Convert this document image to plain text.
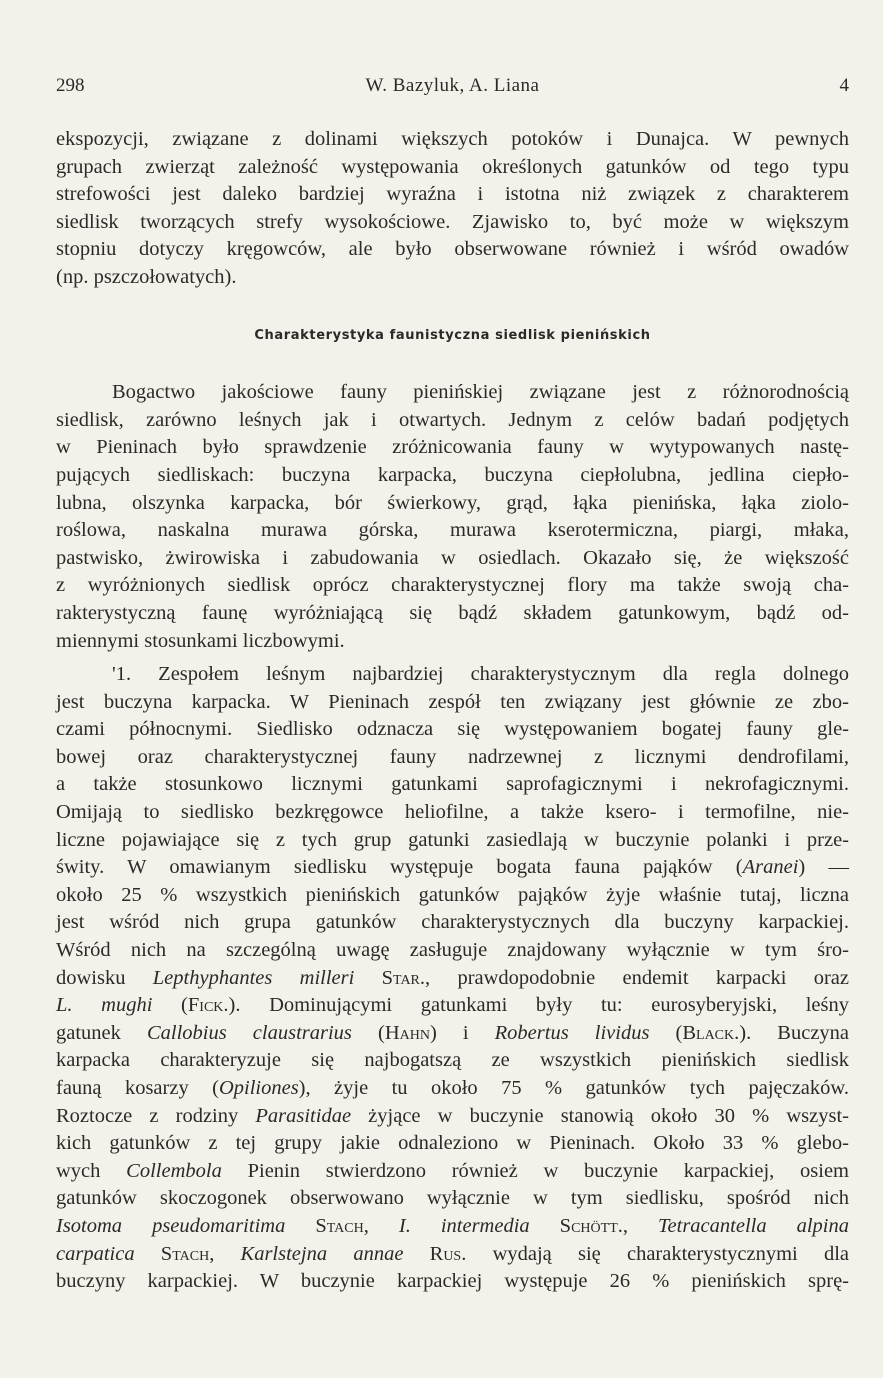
298	W. Bazyluk, A. Liana	4
ekspozycji, związane z dolinami większych potoków i Dunajca. W pewnych
grupach zwierząt zależność występowania określonych gatunków od tego typu
strefowości jest daleko bardziej wyraźna i istotna niż związek z charakterem
siedlisk tworzących strefy wysokościowe. Zjawisko to, być może w większym
stopniu dotyczy kręgowców, ale było obserwowane również i wśród owadów
(np. pszczołowatych).
Charakterystyka faunistyczna siedlisk pienińskich
Bogactwo jakościowe fauny pienińskiej związane jest z różnorodnością
siedlisk, zarówno leśnych jak i otwartych. Jednym z celów badań podjętych
w Pieninach było sprawdzenie zróżnicowania fauny w wytypowanych nastę-
pujących siedliskach: buczyna karpacka, buczyna ciepłolubna, jedlina ciepło-
lubna, olszynka karpacka, bór świerkowy, grąd, łąka pienińska, łąka ziolo-
roślowa, naskalna murawa górska, murawa kserotermiczna, piargi, młaka,
pastwisko, żwirowiska i zabudowania w osiedlach. Okazało się, że większość
z wyróżnionych siedlisk oprócz charakterystycznej flory ma także swoją cha-
rakterystyczną faunę wyróżniającą się bądź składem gatunkowym, bądź od-
miennymi stosunkami liczbowymi.
'1. Zespołem leśnym najbardziej charakterystycznym dla regla dolnego
jest buczyna karpacka. W Pieninach zespół ten związany jest głównie ze zbo-
czami północnymi. Siedlisko odznacza się występowaniem bogatej fauny gle-
bowej oraz charakterystycznej fauny nadrzewnej z licznymi dendrofilami,
a także stosunkowo licznymi gatunkami saprofagicznymi i nekrofagicznymi.
Omijają to siedlisko bezkręgowce heliofilne, a także ksero- i termofilne, nie-
liczne pojawiające się z tych grup gatunki zasiedlają w buczynie polanki i prze-
świty. W omawianym siedlisku występuje bogata fauna pająków (Aranei) —
około 25 % wszystkich pienińskich gatunków pająków żyje właśnie tutaj, liczna
jest wśród nich grupa gatunków charakterystycznych dla buczyny karpackiej.
Wśród nich na szczególną uwagę zasługuje znajdowany wyłącznie w tym śro-
dowisku Lepthyphantes milleri Star., prawdopodobnie endemit karpacki oraz
L. mughi (Fick.). Dominującymi gatunkami były tu: eurosyberyjski, leśny
gatunek Callobius claustrarius (Hahn) i Robertus lividus (Black.). Buczyna
karpacka charakteryzuje się najbogatszą ze wszystkich pienińskich siedlisk
fauną kosarzy (Opiliones), żyje tu około 75 % gatunków tych pajęczaków.
Roztocze z rodziny Parasitidae żyjące w buczynie stanowią około 30 % wszyst-
kich gatunków z tej grupy jakie odnaleziono w Pieninach. Około 33 % glebo-
wych Collembola Pienin stwierdzono również w buczynie karpackiej, osiem
gatunków skoczogonek obserwowano wyłącznie w tym siedlisku, spośród nich
Isotoma pseudomaritima Stach, I. intermedia Schött., Tetracantella alpina
carpatica Stach, Karlstejna annae Rus. wydają się charakterystycznymi dla
buczyny karpackiej. W buczynie karpackiej występuje 26 % pienińskich sprę-
